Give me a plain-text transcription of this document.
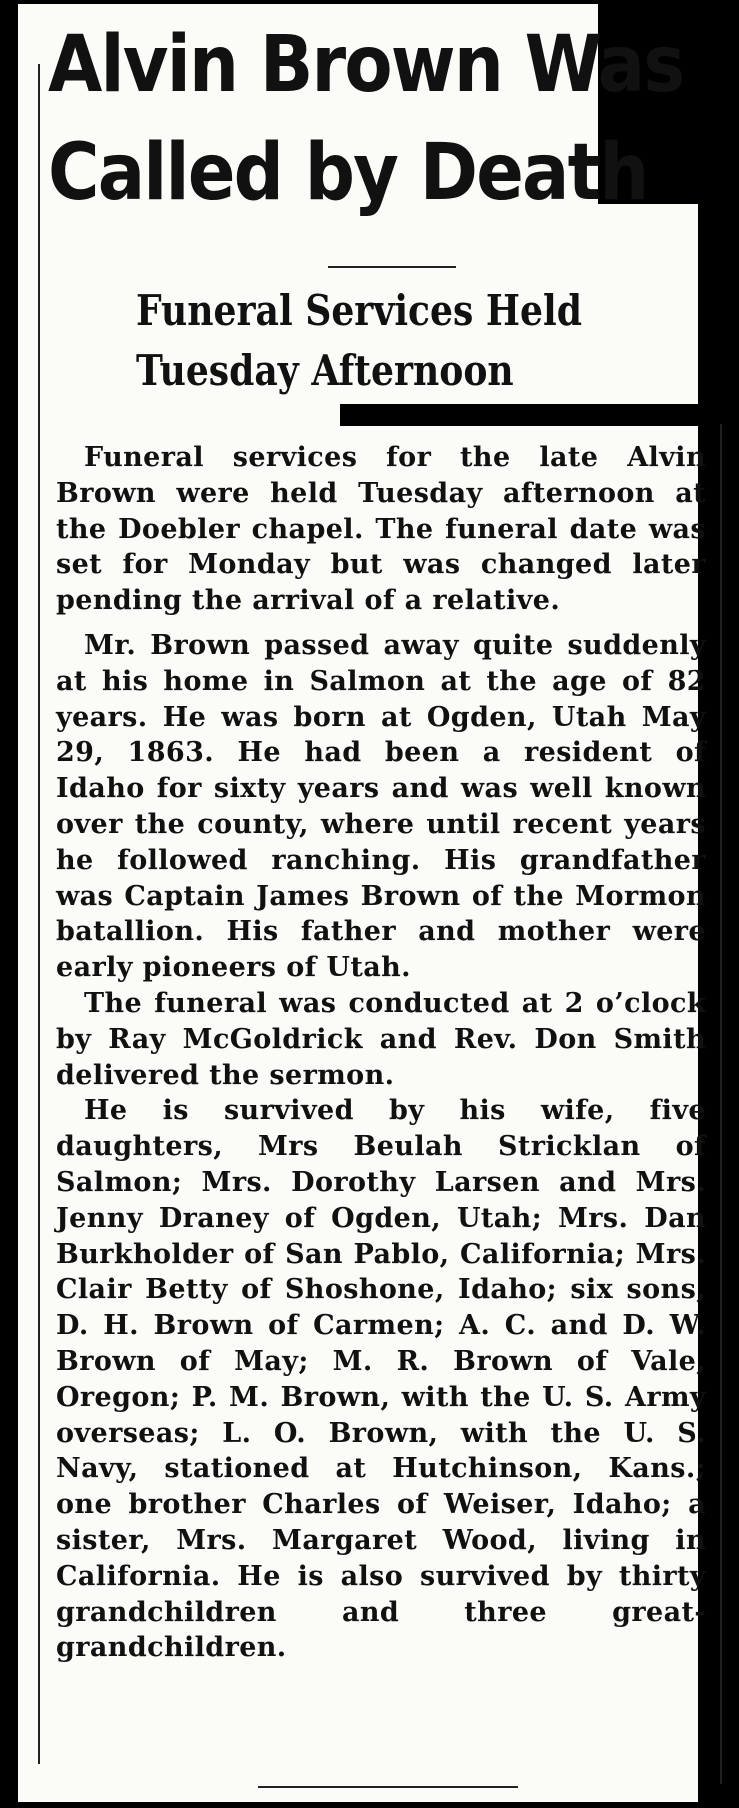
Alvin Brown Was
Called by Death
Funeral Services Held
Tuesday Afternoon

Funeral services for the late Alvin Brown were held Tuesday afternoon at the Doebler chapel. The funeral date was set for Monday but was changed later pending the arrival of a relative.

Mr. Brown passed away quite suddenly at his home in Salmon at the age of 82 years. He was born at Ogden, Utah May 29, 1863. He had been a resident of Idaho for sixty years and was well known over the county, where until recent years he followed ranching. His grandfather was Captain James Brown of the Mormon batallion. His father and mother were early pioneers of Utah.

The funeral was conducted at 2 o’clock by Ray McGoldrick and Rev. Don Smith delivered the sermon.

He is survived by his wife, five daughters, Mrs Beulah Stricklan of Salmon; Mrs. Dorothy Larsen and Mrs. Jenny Draney of Ogden, Utah; Mrs. Dan Burkholder of San Pablo, California; Mrs. Clair Betty of Shoshone, Idaho; six sons, D. H. Brown of Carmen; A. C. and D. W. Brown of May; M. R. Brown of Vale, Oregon; P. M. Brown, with the U. S. Army overseas; L. O. Brown, with the U. S. Navy, stationed at Hutchinson, Kans.; one brother Charles of Weiser, Idaho; a sister, Mrs. Margaret Wood, living in California. He is also survived by thirty grandchildren and three great-grandchildren.
